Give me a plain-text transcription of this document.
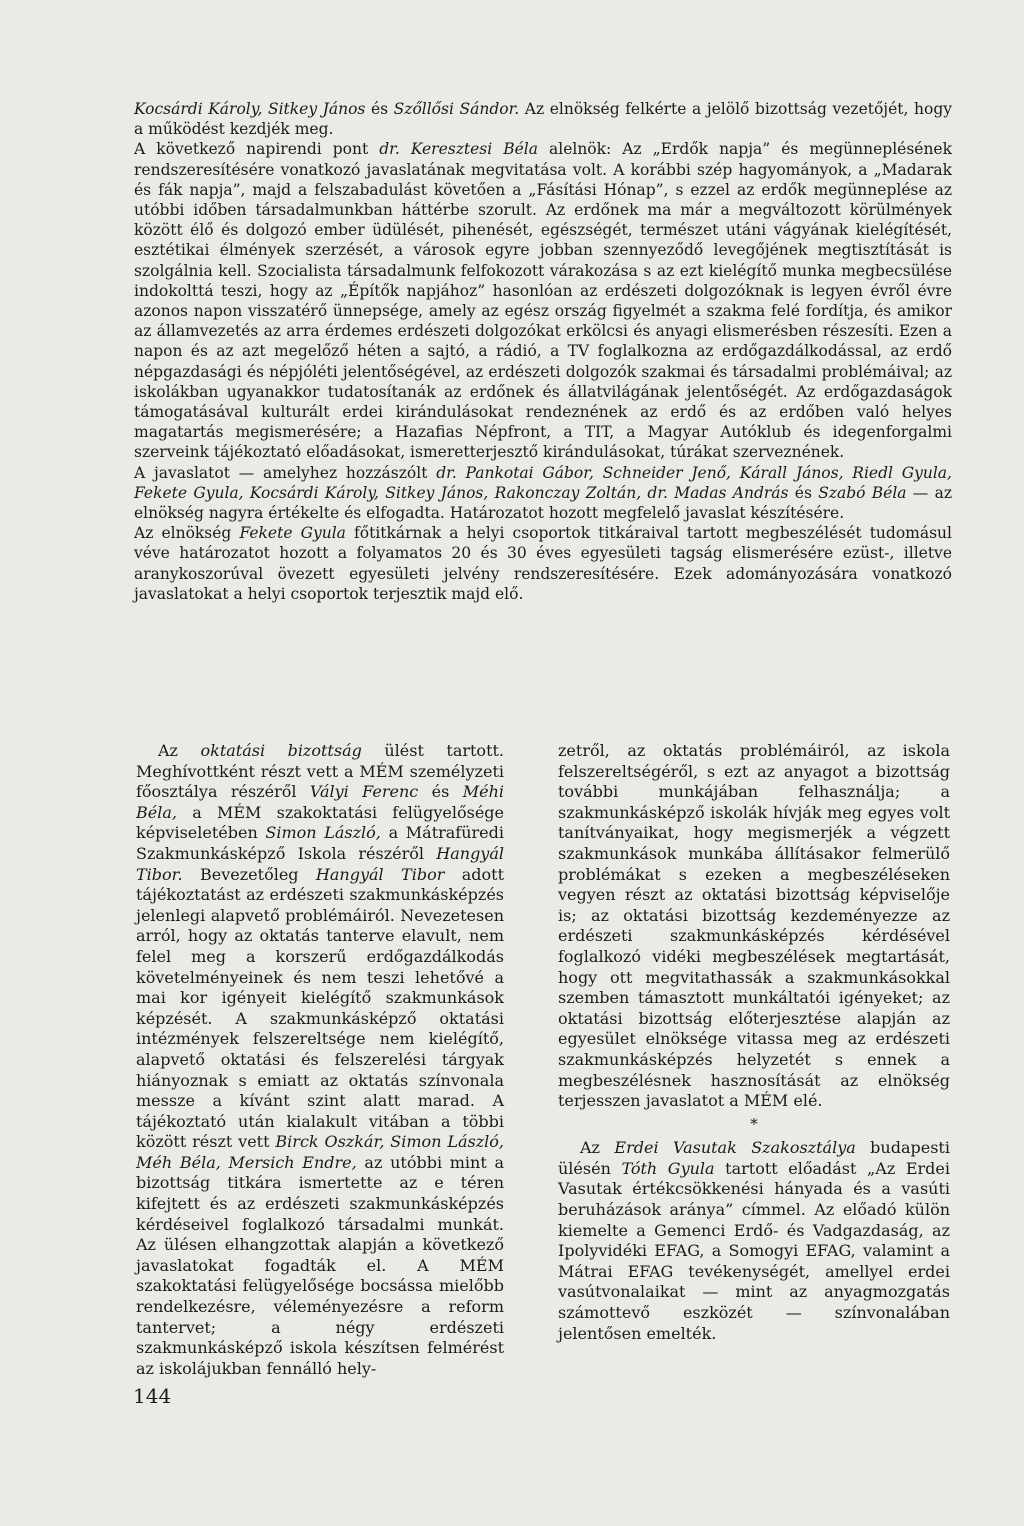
Kocsárdi Károly, Sitkey János és Szőllősi Sándor. Az elnökség felkérte a jelölő bizottság vezetőjét, hogy a működést kezdjék meg.

A következő napirendi pont dr. Keresztesi Béla alelnök: Az „Erdők napja” és megünneplésének rendszeresítésére vonatkozó javaslatának megvitatása volt. A korábbi szép hagyományok, a „Madarak és fák napja”, majd a felszabadulást követően a „Fásítási Hónap”, s ezzel az erdők megünneplése az utóbbi időben társadalmunkban háttérbe szorult. Az erdőnek ma már a megváltozott körülmények között élő és dolgozó ember üdülését, pihenését, egészségét, természet utáni vágyának kielégítését, esztétikai élmények szerzését, a városok egyre jobban szennyeződő levegőjének megtisztítását is szolgálnia kell. Szocialista társadalmunk felfokozott várakozása s az ezt kielégítő munka megbecsülése indokolttá teszi, hogy az „Építők napjához” hasonlóan az erdészeti dolgozóknak is legyen évről évre azonos napon visszatérő ünnepsége, amely az egész ország figyelmét a szakma felé fordítja, és amikor az államvezetés az arra érdemes erdészeti dolgozókat erkölcsi és anyagi elismerésben részesíti. Ezen a napon és az azt megelőző héten a sajtó, a rádió, a TV foglalkozna az erdőgazdálkodással, az erdő népgazdasági és népjóléti jelentőségével, az erdészeti dolgozók szakmai és társadalmi problémáival; az iskolákban ugyanakkor tudatosítanák az erdőnek és állatvilágának jelentőségét. Az erdőgazdaságok támogatásával kulturált erdei kirándulásokat rendeznének az erdő és az erdőben való helyes magatartás megismerésére; a Hazafias Népfront, a TIT, a Magyar Autóklub és idegenforgalmi szerveink tájékoztató előadásokat, ismeretterjesztő kirándulásokat, túrákat szerveznének.

A javaslatot — amelyhez hozzászólt dr. Pankotai Gábor, Schneider Jenő, Kárall János, Riedl Gyula, Fekete Gyula, Kocsárdi Károly, Sitkey János, Rakonczay Zoltán, dr. Madas András és Szabó Béla — az elnökség nagyra értékelte és elfogadta. Határozatot hozott megfelelő javaslat készítésére.

Az elnökség Fekete Gyula főtitkárnak a helyi csoportok titkáraival tartott megbeszélését tudomásul véve határozatot hozott a folyamatos 20 és 30 éves egyesületi tagság elismerésére ezüst-, illetve aranykoszorúval övezett egyesületi jelvény rendszeresítésére. Ezek adományozására vonatkozó javaslatokat a helyi csoportok terjesztik majd elő.

Az oktatási bizottság ülést tartott. Meghívottként részt vett a MÉM személyzeti főosztálya részéről Vályi Ferenc és Méhi Béla, a MÉM szakoktatási felügyelősége képviseletében Simon László, a Mátrafüredi Szakmunkásképző Iskola részéről Hangyál Tibor. Bevezetőleg Hangyál Tibor adott tájékoztatást az erdészeti szakmunkásképzés jelenlegi alapvető problémáiról. Nevezetesen arról, hogy az oktatás tanterve elavult, nem felel meg a korszerű erdőgazdálkodás követelményeinek és nem teszi lehetővé a mai kor igényeit kielégítő szakmunkások képzését. A szakmunkásképző oktatási intézmények felszereltsége nem kielégítő, alapvető oktatási és felszerelési tárgyak hiányoznak s emiatt az oktatás színvonala messze a kívánt szint alatt marad. A tájékoztató után kialakult vitában a többi között részt vett Birck Oszkár, Simon László, Méh Béla, Mersich Endre, az utóbbi mint a bizottság titkára ismertette az e téren kifejtett és az erdészeti szakmunkásképzés kérdéseivel foglalkozó társadalmi munkát. Az ülésen elhangzottak alapján a következő javaslatokat fogadták el. A MÉM szakoktatási felügyelősége bocsássa mielőbb rendelkezésre, véleményezésre a reform tantervet; a négy erdészeti szakmunkásképző iskola készítsen felmérést az iskolájukban fennálló hely-

zetről, az oktatás problémáiról, az iskola felszereltségéről, s ezt az anyagot a bizottság további munkájában felhasználja; a szakmunkásképző iskolák hívják meg egyes volt tanítványaikat, hogy megismerjék a végzett szakmunkások munkába állításakor felmerülő problémákat s ezeken a megbeszéléseken vegyen részt az oktatási bizottság képviselője is; az oktatási bizottság kezdeményezze az erdészeti szakmunkásképzés kérdésével foglalkozó vidéki megbeszélések megtartását, hogy ott megvitathassák a szakmunkásokkal szemben támasztott munkáltatói igényeket; az oktatási bizottság előterjesztése alapján az egyesület elnöksége vitassa meg az erdészeti szakmunkásképzés helyzetét s ennek a megbeszélésnek hasznosítását az elnökség terjesszen javaslatot a MÉM elé.

*

Az Erdei Vasutak Szakosztálya budapesti ülésén Tóth Gyula tartott előadást „Az Erdei Vasutak értékcsökkenési hányada és a vasúti beruházások aránya” címmel. Az előadó külön kiemelte a Gemenci Erdő- és Vadgazdaság, az Ipolyvidéki EFAG, a Somogyi EFAG, valamint a Mátrai EFAG tevékenységét, amellyel erdei vasútvonalaikat — mint az anyagmozgatás számottevő eszközét — színvonalában jelentősen emelték.

144
